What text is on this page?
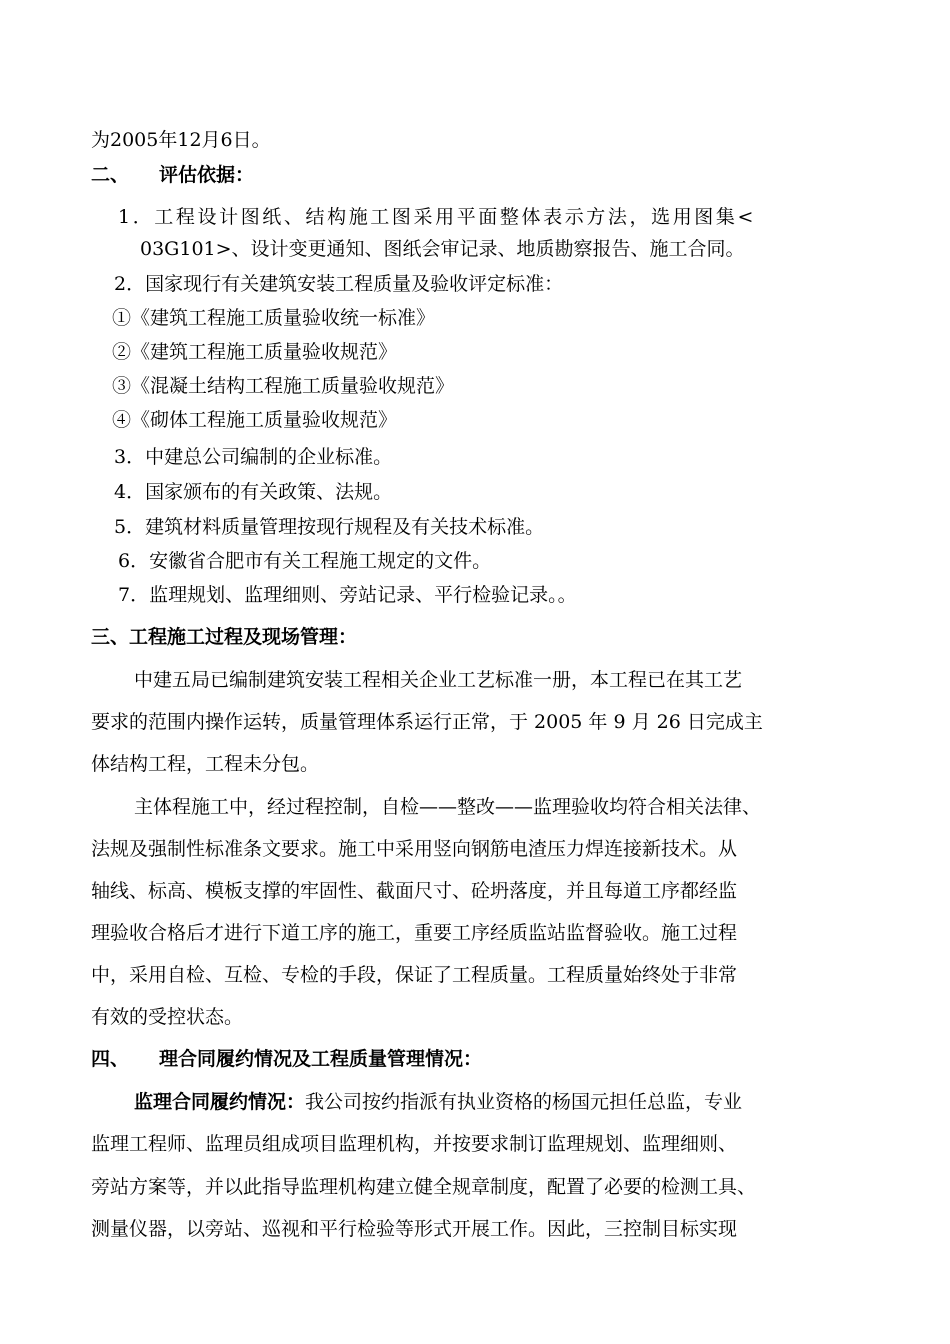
为2005年12月6日。
二、 评估依据：
1．工程设计图纸、结构施工图采用平面整体表示方法，选用图集<
03G101>、设计变更通知、图纸会审记录、地质勘察报告、施工合同。
2．国家现行有关建筑安装工程质量及验收评定标准：
①《建筑工程施工质量验收统一标准》
②《建筑工程施工质量验收规范》
③《混凝土结构工程施工质量验收规范》
④《砌体工程施工质量验收规范》
3．中建总公司编制的企业标准。
4．国家颁布的有关政策、法规。
5．建筑材料质量管理按现行规程及有关技术标准。
6．安徽省合肥市有关工程施工规定的文件。
7．监理规划、监理细则、旁站记录、平行检验记录。。
三、工程施工过程及现场管理：
中建五局已编制建筑安装工程相关企业工艺标准一册，本工程已在其工艺
要求的范围内操作运转，质量管理体系运行正常，于 2005 年 9 月 26 日完成主
体结构工程，工程未分包。
主体程施工中，经过程控制，自检——整改——监理验收均符合相关法律、
法规及强制性标准条文要求。施工中采用竖向钢筋电渣压力焊连接新技术。从
轴线、标高、模板支撑的牢固性、截面尺寸、砼坍落度，并且每道工序都经监
理验收合格后才进行下道工序的施工，重要工序经质监站监督验收。施工过程
中，采用自检、互检、专检的手段，保证了工程质量。工程质量始终处于非常
有效的受控状态。
四、 理合同履约情况及工程质量管理情况：
监理合同履约情况：我公司按约指派有执业资格的杨国元担任总监，专业
监理工程师、监理员组成项目监理机构，并按要求制订监理规划、监理细则、
旁站方案等，并以此指导监理机构建立健全规章制度，配置了必要的检测工具、
测量仪器，以旁站、巡视和平行检验等形式开展工作。因此，三控制目标实现
